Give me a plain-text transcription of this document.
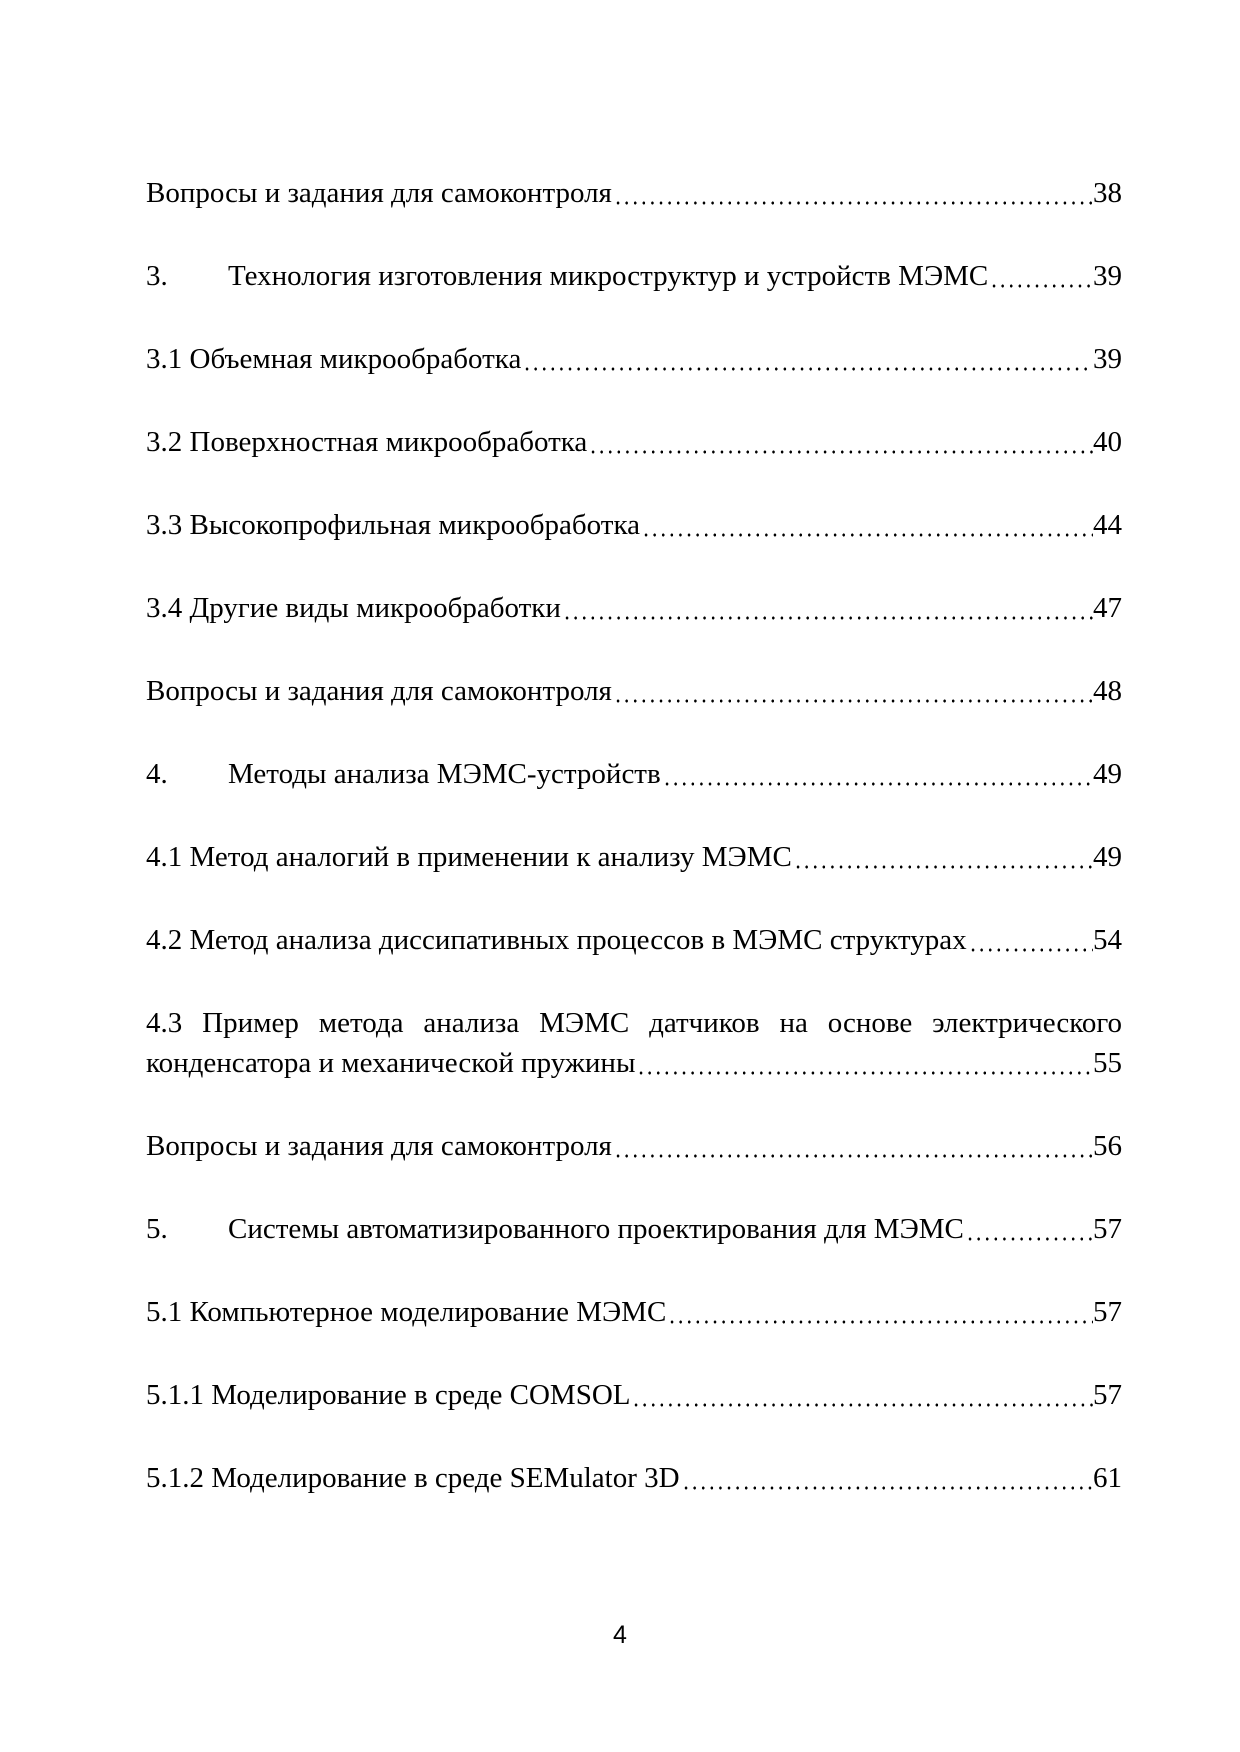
Вопросы и задания для самоконтроля	38
3.	Технология изготовления микроструктур и устройств МЭМС	39
3.1 Объемная микрообработка	39
3.2 Поверхностная микрообработка	40
3.3 Высокопрофильная микрообработка	44
3.4 Другие виды микрообработки	47
Вопросы и задания для самоконтроля	48
4.	Методы анализа МЭМС-устройств	49
4.1 Метод аналогий в применении к анализу МЭМС	49
4.2 Метод анализа диссипативных процессов в МЭМС структурах	54
4.3 Пример метода анализа МЭМС датчиков на основе электрического
конденсатора и механической пружины	55
Вопросы и задания для самоконтроля	56
5.	Системы автоматизированного проектирования для МЭМС	57
5.1 Компьютерное моделирование МЭМС	57
5.1.1 Моделирование в среде COMSOL	57
5.1.2 Моделирование в среде SEMulator 3D	61
4
